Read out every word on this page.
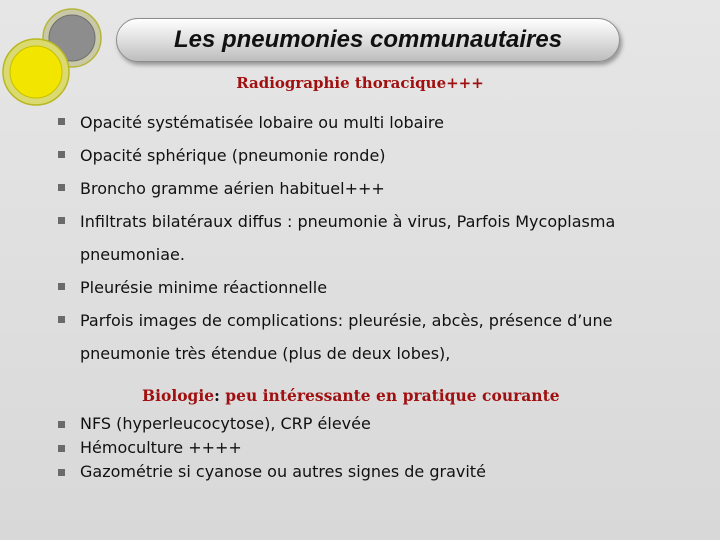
Les pneumonies communautaires
Radiographie thoracique+++
Opacité systématisée lobaire ou multi lobaire
Opacité sphérique (pneumonie ronde)
Broncho gramme aérien habituel+++
Infiltrats bilatéraux diffus : pneumonie à virus, Parfois Mycoplasma pneumoniae.
Pleurésie minime réactionnelle
Parfois images de complications: pleurésie, abcès, présence d’une pneumonie très étendue (plus de deux lobes),
Biologie: peu intéressante en pratique courante
NFS (hyperleucocytose), CRP élevée
Hémoculture ++++
Gazométrie si cyanose ou autres signes de gravité
